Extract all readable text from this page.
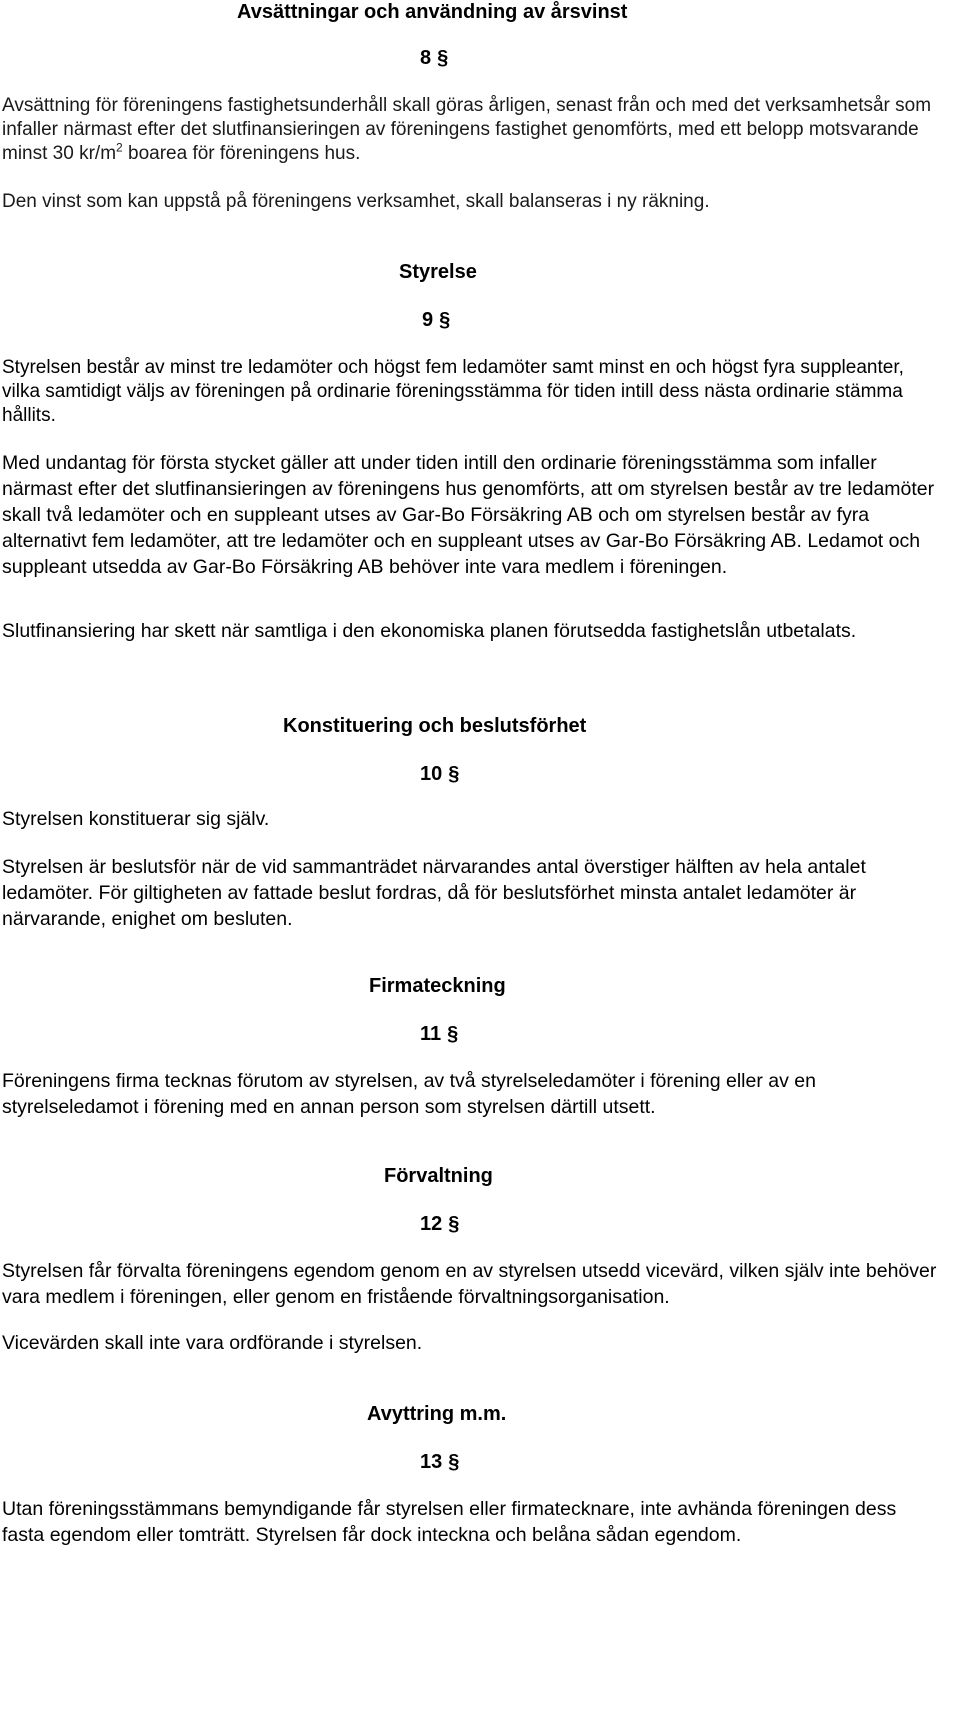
Avsättningar och användning av årsvinst
8 §

Avsättning för föreningens fastighetsunderhåll skall göras årligen, senast från och med det verksamhetsår som infaller närmast efter det slutfinansieringen av föreningens fastighet genomförts, med ett belopp motsvarande minst 30 $kr/m^2$ boarea för föreningens hus.

Den vinst som kan uppstå på föreningens verksamhet, skall balanseras i ny räkning.

Styrelse
9 §

Styrelsen består av minst tre ledamöter och högst fem ledamöter samt minst en och högst fyra suppleanter, vilka samtidigt väljs av föreningen på ordinarie föreningsstämma för tiden intill dess nästa ordinarie stämma hållits.

Med undantag för första stycket gäller att under tiden intill den ordinarie föreningsstämma som infaller närmast efter det slutfinansieringen av föreningens hus genomförts, att om styrelsen består av tre ledamöter skall två ledamöter och en suppleant utses av Gar-Bo Försäkring AB och om styrelsen består av fyra alternativt fem ledamöter, att tre ledamöter och en suppleant utses av Gar-Bo Försäkring AB. Ledamot och suppleant utsedda av Gar-Bo Försäkring AB behöver inte vara medlem i föreningen.

Slutfinansiering har skett när samtliga i den ekonomiska planen förutsedda fastighetslån utbetalats.

Konstituering och beslutsförhet
10 §

Styrelsen konstituerar sig själv.

Styrelsen är beslutsför när de vid sammanträdet närvarandes antal överstiger hälften av hela antalet ledamöter. För giltigheten av fattade beslut fordras, då för beslutsförhet minsta antalet ledamöter är närvarande, enighet om besluten.

Firmateckning
11 §

Föreningens firma tecknas förutom av styrelsen, av två styrelseledamöter i förening eller av en styrelseledamot i förening med en annan person som styrelsen därtill utsett.

Förvaltning
12 §

Styrelsen får förvalta föreningens egendom genom en av styrelsen utsedd vicevärd, vilken själv inte behöver vara medlem i föreningen, eller genom en fristående förvaltningsorganisation.

Vicevärden skall inte vara ordförande i styrelsen.

Avyttring m.m.
13 §

Utan föreningsstämmans bemyndigande får styrelsen eller firmatecknare, inte avhända föreningen dess fasta egendom eller tomträtt. Styrelsen får dock inteckna och belåna sådan egendom.
